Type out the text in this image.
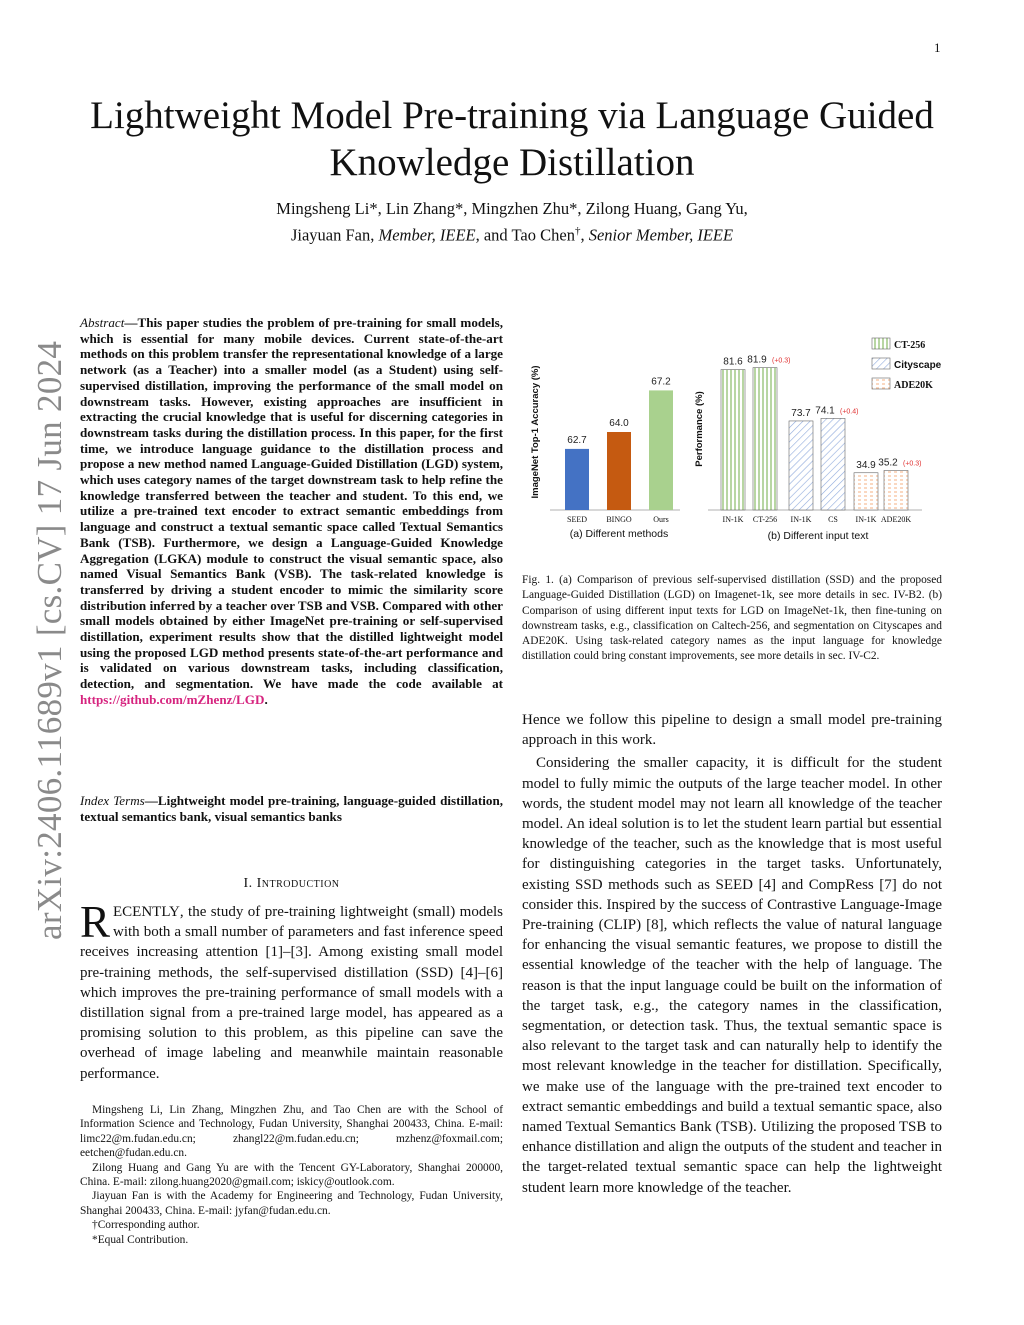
1
arXiv:2406.11689v1 [cs.CV] 17 Jun 2024
Lightweight Model Pre-training via Language Guided Knowledge Distillation
Mingsheng Li*, Lin Zhang*, Mingzhen Zhu*, Zilong Huang, Gang Yu,
Jiayuan Fan, Member, IEEE, and Tao Chen†, Senior Member, IEEE
Abstract—This paper studies the problem of pre-training for small models, which is essential for many mobile devices. Current state-of-the-art methods on this problem transfer the representational knowledge of a large network (as a Teacher) into a smaller model (as a Student) using self-supervised distillation, improving the performance of the small model on downstream tasks. However, existing approaches are insufficient in extracting the crucial knowledge that is useful for discerning categories in downstream tasks during the distillation process. In this paper, for the first time, we introduce language guidance to the distillation process and propose a new method named Language-Guided Distillation (LGD) system, which uses category names of the target downstream task to help refine the knowledge transferred between the teacher and student. To this end, we utilize a pre-trained text encoder to extract semantic embeddings from language and construct a textual semantic space called Textual Semantics Bank (TSB). Furthermore, we design a Language-Guided Knowledge Aggregation (LGKA) module to construct the visual semantic space, also named Visual Semantics Bank (VSB). The task-related knowledge is transferred by driving a student encoder to mimic the similarity score distribution inferred by a teacher over TSB and VSB. Compared with other small models obtained by either ImageNet pre-training or self-supervised distillation, experiment results show that the distilled lightweight model using the proposed LGD method presents state-of-the-art performance and is validated on various downstream tasks, including classification, detection, and segmentation. We have made the code available at https://github.com/mZhenz/LGD.
Index Terms—Lightweight model pre-training, language-guided distillation, textual semantics bank, visual semantics banks
I. Introduction
RECENTLY, the study of pre-training lightweight (small) models with both a small number of parameters and fast inference speed receives increasing attention [1]–[3]. Among existing small model pre-training methods, the self-supervised distillation (SSD) [4]–[6] which improves the pre-training performance of small models with a distillation signal from a pre-trained large model, has appeared as a promising solution to this problem, as this pipeline can save the overhead of image labeling and meanwhile maintain reasonable performance.

Mingsheng Li, Lin Zhang, Mingzhen Zhu, and Tao Chen are with the School of Information Science and Technology, Fudan University, Shanghai 200433, China. E-mail: limc22@m.fudan.edu.cn; zhangl22@m.fudan.edu.cn; mzhenz@foxmail.com; eetchen@fudan.edu.cn.

Zilong Huang and Gang Yu are with the Tencent GY-Laboratory, Shanghai 200000, China. E-mail: zilong.huang2020@gmail.com; iskicy@outlook.com.

Jiayuan Fan is with the Academy for Engineering and Technology, Fudan University, Shanghai 200433, China. E-mail: jyfan@fudan.edu.cn.

†Corresponding author.

*Equal Contribution.

62.7
SEED
64.0
BINGO
67.2
Ours
(a) Different methods
ImageNet Top-1 Accuracy (%)
81.6
IN-1K
81.9 (+0.3)
CT-256
73.7
IN-1K
74.1 (+0.4)
CS
34.9
IN-1K
35.2 (+0.3)
ADE20K
(b) Different input text
Performance (%)
CT-256
Cityscape
ADE20K
Fig. 1. (a) Comparison of previous self-supervised distillation (SSD) and the proposed Language-Guided Distillation (LGD) on Imagenet-1k, see more details in sec. IV-B2. (b) Comparison of using different input texts for LGD on ImageNet-1k, then fine-tuning on downstream tasks, e.g., classification on Caltech-256, and segmentation on Cityscapes and ADE20K. Using task-related category names as the input language for knowledge distillation could bring constant improvements, see more details in sec. IV-C2.

Hence we follow this pipeline to design a small model pre-training approach in this work.

Considering the smaller capacity, it is difficult for the student model to fully mimic the outputs of the large teacher model. In other words, the student model may not learn all knowledge of the teacher model. An ideal solution is to let the student learn partial but essential knowledge of the teacher, such as the knowledge that is most useful for distinguishing categories in the target tasks. Unfortunately, existing SSD methods such as SEED [4] and CompRess [7] do not consider this. Inspired by the success of Contrastive Language-Image Pre-training (CLIP) [8], which reflects the value of natural language for enhancing the visual semantic features, we propose to distill the essential knowledge of the teacher with the help of language. The reason is that the input language could be built on the information of the target task, e.g., the category names in the classification, segmentation, or detection task. Thus, the textual semantic space is also relevant to the target task and can naturally help to identify the most relevant knowledge in the teacher for distillation. Specifically, we make use of the language with the pre-trained text encoder to extract semantic embeddings and build a textual semantic space, also named Textual Semantics Bank (TSB). Utilizing the proposed TSB to enhance distillation and align the outputs of the student and teacher in the target-related textual semantic space can help the lightweight student learn more knowledge of the teacher.
